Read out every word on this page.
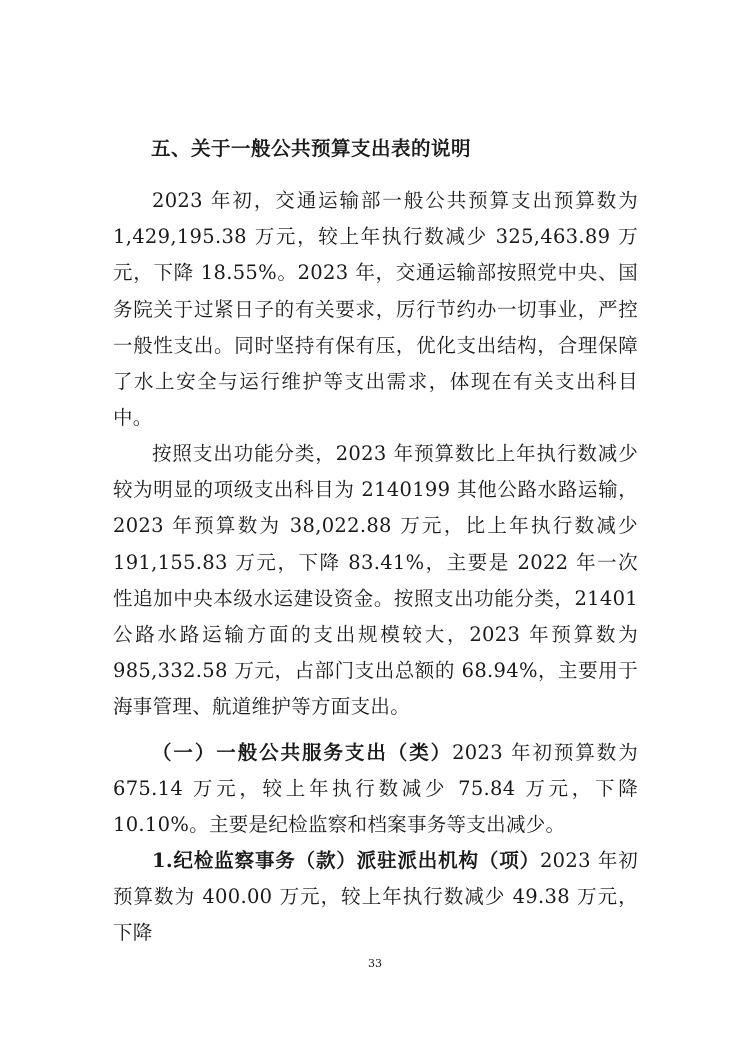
五、关于一般公共预算支出表的说明

2023 年初，交通运输部一般公共预算支出预算数为 1,429,195.38 万元，较上年执行数减少 325,463.89 万元，下降 18.55%。2023 年，交通运输部按照党中央、国务院关于过紧日子的有关要求，厉行节约办一切事业，严控一般性支出。同时坚持有保有压，优化支出结构，合理保障了水上安全与运行维护等支出需求，体现在有关支出科目中。

按照支出功能分类，2023 年预算数比上年执行数减少较为明显的项级支出科目为 2140199 其他公路水路运输，2023 年预算数为 38,022.88 万元，比上年执行数减少 191,155.83 万元，下降 83.41%，主要是 2022 年一次性追加中央本级水运建设资金。按照支出功能分类，21401 公路水路运输方面的支出规模较大，2023 年预算数为 985,332.58 万元，占部门支出总额的 68.94%，主要用于海事管理、航道维护等方面支出。

（一）一般公共服务支出（类）2023 年初预算数为 675.14 万元，较上年执行数减少 75.84 万元，下降 10.10%。主要是纪检监察和档案事务等支出减少。

1.纪检监察事务（款）派驻派出机构（项）2023 年初预算数为 400.00 万元，较上年执行数减少 49.38 万元，下降

33
